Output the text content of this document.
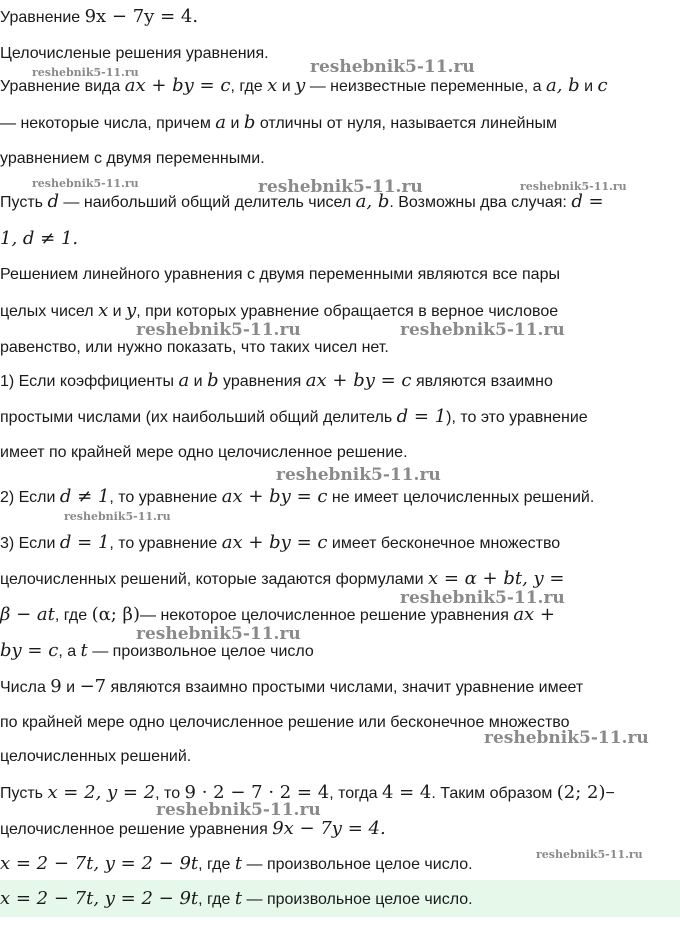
Уравнение 9x − 7y = 4.
Целочисленые решения уравнения.
Уравнение вида ax + by = c, где x и y — неизвестные переменные, а a, b и c
— некоторые числа, причем a и b отличны от нуля, называется линейным
уравнением с двумя переменными.
Пусть d — наибольший общий делитель чисел a, b. Возможны два случая: d =
1, d ≠ 1.
Решением линейного уравнения с двумя переменными являются все пары
целых чисел x и y, при которых уравнение обращается в верное числовое
равенство, или нужно показать, что таких чисел нет.
1) Если коэффициенты a и b уравнения ax + by = c являются взаимно
простыми числами (их наибольший общий делитель d = 1), то это уравнение
имеет по крайней мере одно целочисленное решение.
2) Если d ≠ 1, то уравнение ax + by = c не имеет целочисленных решений.
3) Если d = 1, то уравнение ax + by = c имеет бесконечное множество
целочисленных решений, которые задаются формулами x = α + bt, y =
β − at, где (α; β)— некоторое целочисленное решение уравнения ax +
by = c, а t — произвольное целое число
Числа 9 и −7 являются взаимно простыми числами, значит уравнение имеет
по крайней мере одно целочисленное решение или бесконечное множество
целочисленных решений.
Пусть x = 2, y = 2, то 9 · 2 − 7 · 2 = 4, тогда 4 = 4. Таким образом (2; 2)−
целочисленное решение уравнения 9x − 7y = 4.
x = 2 − 7t, y = 2 − 9t, где t — произвольное целое число.
x = 2 − 7t, y = 2 − 9t, где t — произвольное целое число.
reshebnik5-11.ru	reshebnik5-11.ru
reshebnik5-11.ru	reshebnik5-11.ru	reshebnik5-11.ru
reshebnik5-11.ru	reshebnik5-11.ru
reshebnik5-11.ru
reshebnik5-11.ru
reshebnik5-11.ru
reshebnik5-11.ru
reshebnik5-11.ru
reshebnik5-11.ru
reshebnik5-11.ru
